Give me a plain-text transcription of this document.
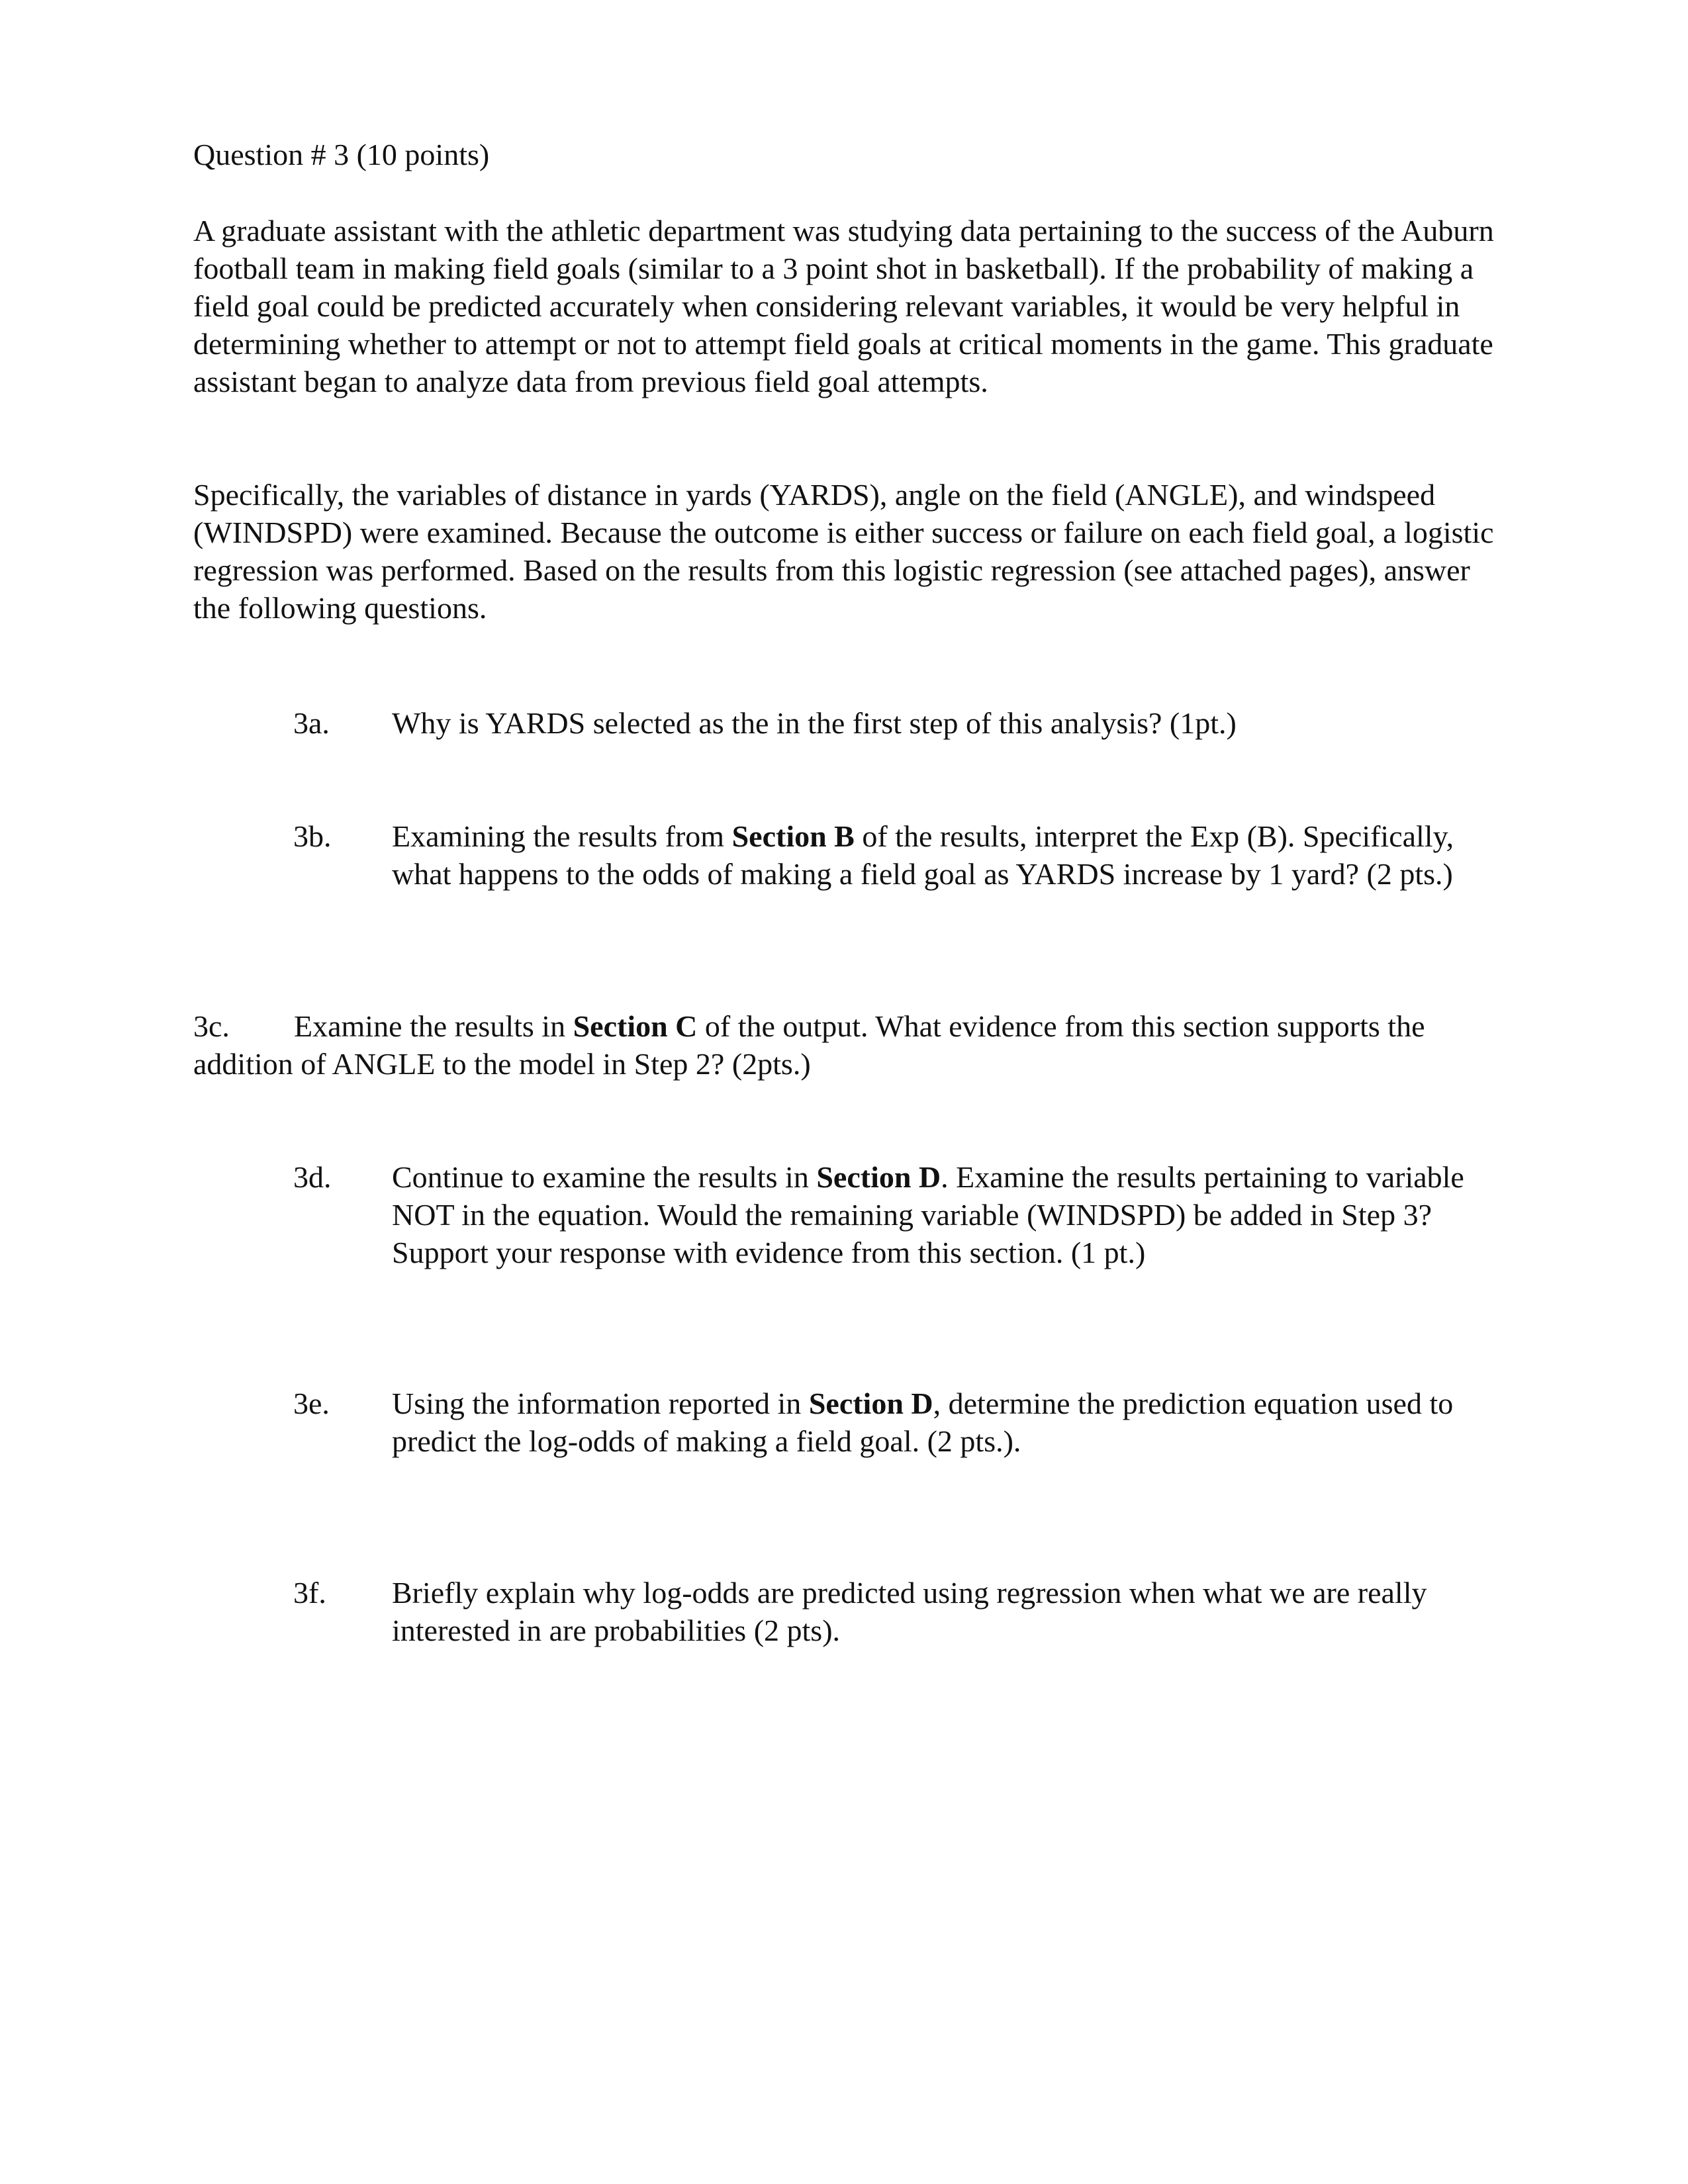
Question # 3 (10 points)

A graduate assistant with the athletic department was studying data pertaining to the success of the Auburn football team in making field goals (similar to a 3 point shot in basketball). If the probability of making a field goal could be predicted accurately when considering relevant variables, it would be very helpful in determining whether to attempt or not to attempt field goals at critical moments in the game. This graduate assistant began to analyze data from previous field goal attempts.

Specifically, the variables of distance in yards (YARDS), angle on the field (ANGLE), and windspeed (WINDSPD) were examined. Because the outcome is either success or failure on each field goal, a logistic regression was performed. Based on the results from this logistic regression (see attached pages), answer the following questions.

3a.	Why is YARDS selected as the in the first step of this analysis? (1pt.)
3b.	Examining the results from Section B of the results, interpret the Exp (B). Specifically, what happens to the odds of making a field goal as YARDS increase by 1 yard? (2 pts.)

3c. Examine the results in Section C of the output. What evidence from this section supports the addition of ANGLE to the model in Step 2? (2pts.)

3d.	Continue to examine the results in Section D. Examine the results pertaining to variable NOT in the equation. Would the remaining variable (WINDSPD) be added in Step 3? Support your response with evidence from this section. (1 pt.)
3e.	Using the information reported in Section D, determine the prediction equation used to predict the log-odds of making a field goal. (2 pts.).
3f.	Briefly explain why log-odds are predicted using regression when what we are really interested in are probabilities (2 pts).
